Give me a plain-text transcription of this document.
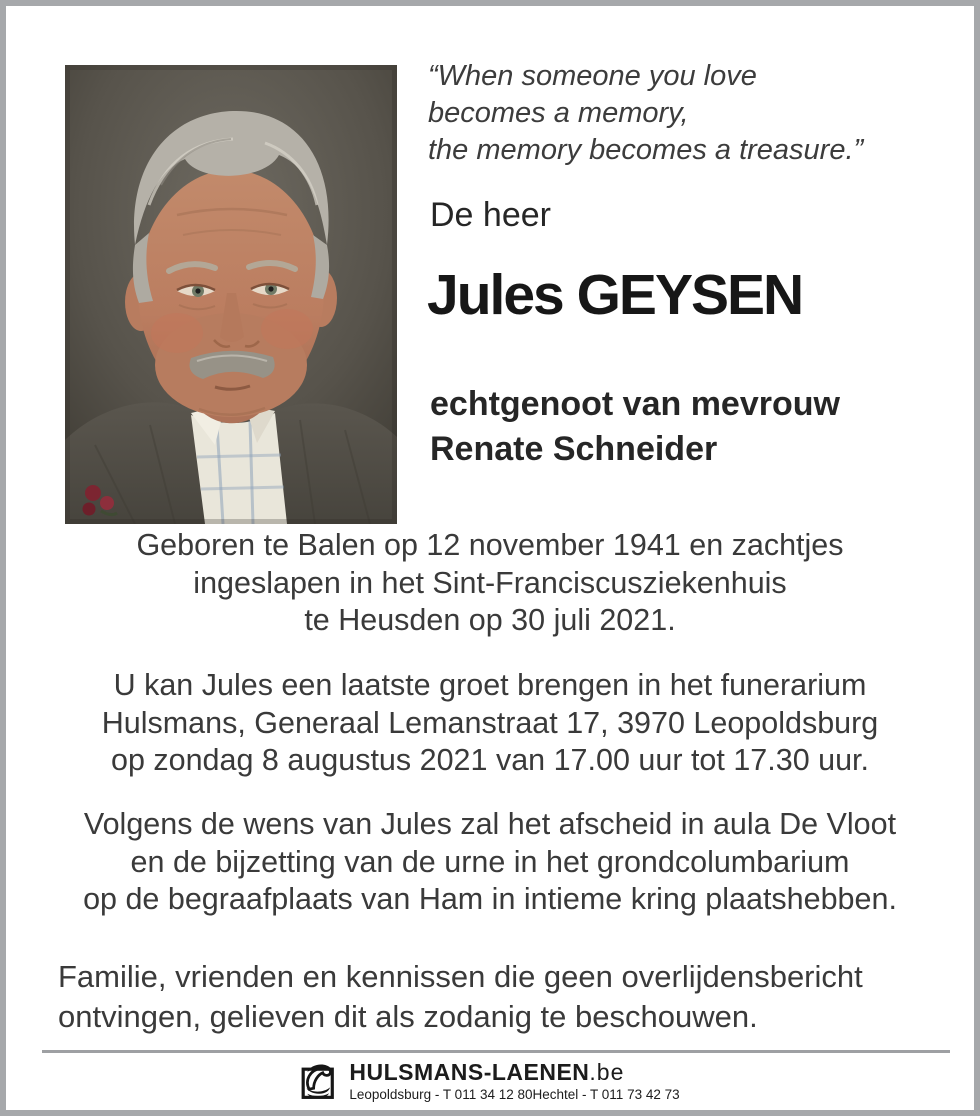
“When someone you love
becomes a memory,
the memory becomes a treasure.”
De heer
Jules GEYSEN
echtgenoot van mevrouw
Renate Schneider
Geboren te Balen op 12 november 1941 en zachtjes
ingeslapen in het Sint-Franciscusziekenhuis
te Heusden op 30 juli 2021.
U kan Jules een laatste groet brengen in het funerarium
Hulsmans, Generaal Lemanstraat 17, 3970 Leopoldsburg
op zondag 8 augustus 2021 van 17.00 uur tot 17.30 uur.
Volgens de wens van Jules zal het afscheid in aula De Vloot
en de bijzetting van de urne in het grondcolumbarium
op de begraafplaats van Ham in intieme kring plaatshebben.
Familie, vrienden en kennissen die geen overlijdensbericht
ontvingen, gelieven dit als zodanig te beschouwen.
HULSMANS-LAENEN.be
Leopoldsburg - T 011 34 12 80 Hechtel - T 011 73 42 73
